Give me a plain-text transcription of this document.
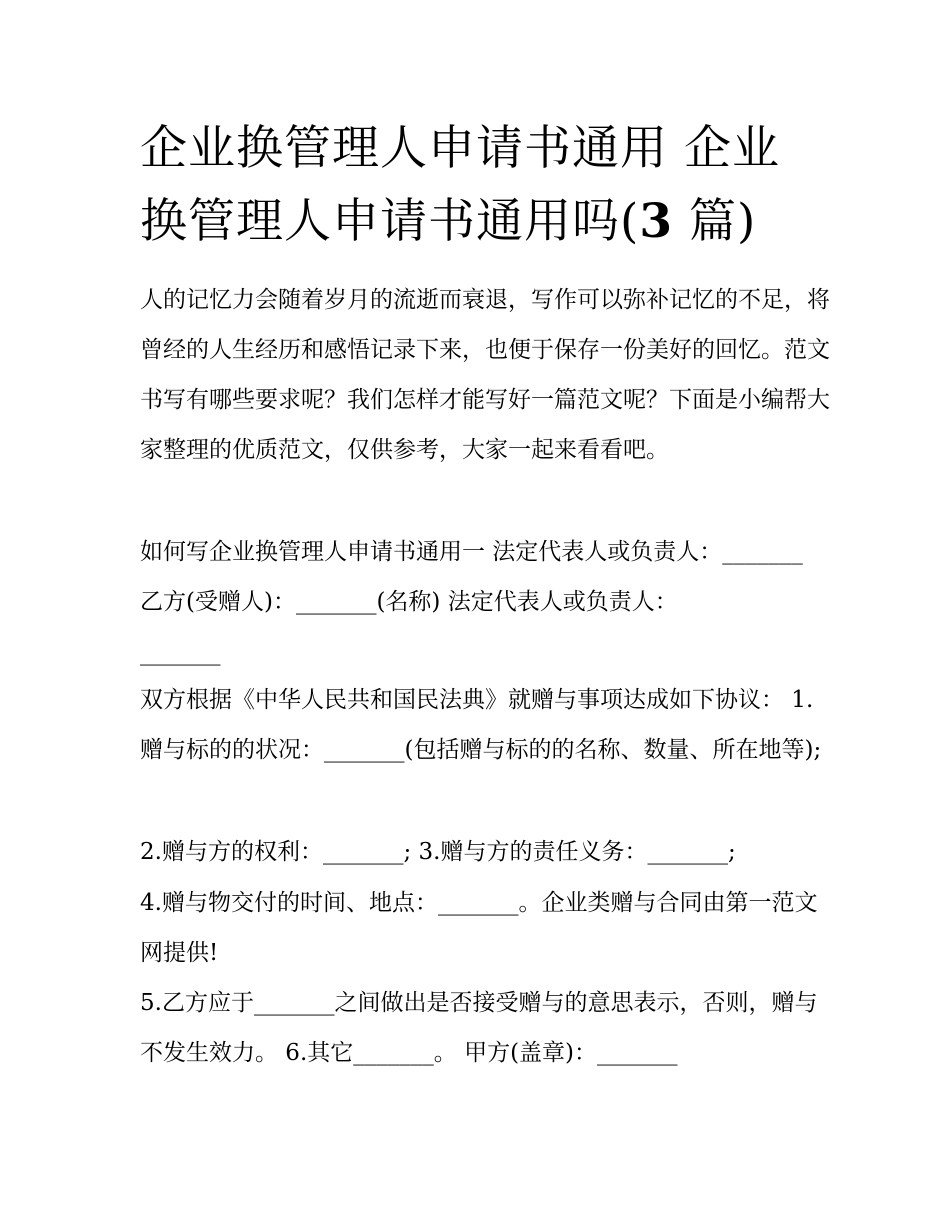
企业换管理人申请书通用 企业
换管理人申请书通用吗(3 篇)

人的记忆力会随着岁月的流逝而衰退，写作可以弥补记忆的不足，将曾经的人生经历和感悟记录下来，也便于保存一份美好的回忆。范文书写有哪些要求呢？我们怎样才能写好一篇范文呢？下面是小编帮大家整理的优质范文，仅供参考，大家一起来看看吧。

如何写企业换管理人申请书通用一 法定代表人或负责人：_______ 乙方(受赠人)：_______(名称) 法定代表人或负责人：

_______

双方根据《中华人民共和国民法典》就赠与事项达成如下协议： 1.赠与标的的状况：_______(包括赠与标的的名称、数量、所在地等);

2.赠与方的权利：_______; 3.赠与方的责任义务：_______;

4.赠与物交付的时间、地点：_______。企业类赠与合同由第一范文网提供!

5.乙方应于_______之间做出是否接受赠与的意思表示，否则，赠与不发生效力。 6.其它_______。 甲方(盖章)：_______
